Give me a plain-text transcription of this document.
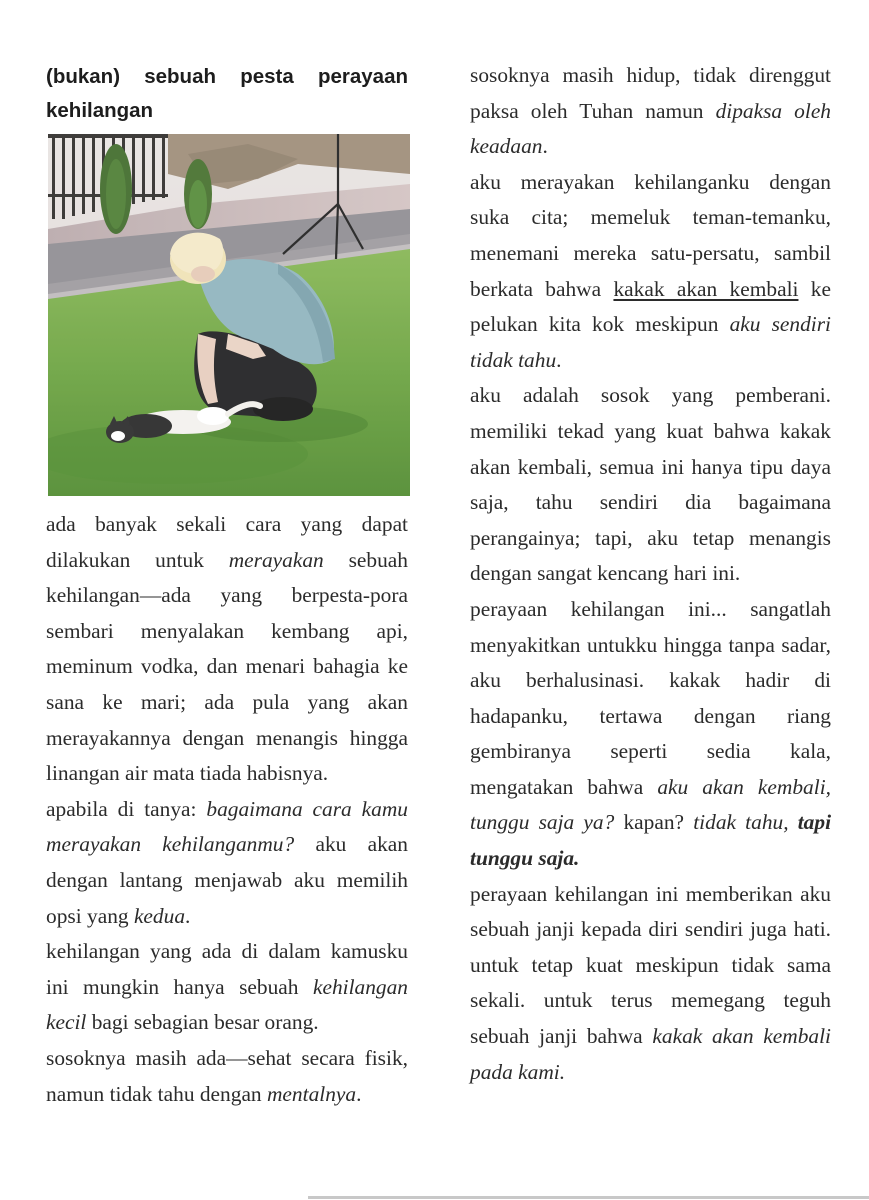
(bukan) sebuah pesta perayaan
kehilangan

ada banyak sekali cara yang dapat dilakukan untuk merayakan sebuah kehilangan—ada yang berpesta-pora sembari menyalakan kembang api, meminum vodka, dan menari bahagia ke sana ke mari; ada pula yang akan merayakannya dengan menangis hingga linangan air mata tiada habisnya.

apabila di tanya: bagaimana cara kamu merayakan kehilanganmu? aku akan dengan lantang menjawab aku memilih opsi yang kedua.

kehilangan yang ada di dalam kamusku ini mungkin hanya sebuah kehilangan kecil bagi sebagian besar orang.

sosoknya masih ada—sehat secara fisik, namun tidak tahu dengan mentalnya.

sosoknya masih hidup, tidak direnggut paksa oleh Tuhan namun dipaksa oleh keadaan.

aku merayakan kehilanganku dengan suka cita; memeluk teman-temanku, menemani mereka satu-persatu, sambil berkata bahwa kakak akan kembali ke pelukan kita kok meskipun aku sendiri tidak tahu.

aku adalah sosok yang pemberani. memiliki tekad yang kuat bahwa kakak akan kembali, semua ini hanya tipu daya saja, tahu sendiri dia bagaimana perangainya; tapi, aku tetap menangis dengan sangat kencang hari ini.

perayaan kehilangan ini... sangatlah menyakitkan untukku hingga tanpa sadar, aku berhalusinasi. kakak hadir di hadapanku, tertawa dengan riang gembiranya seperti sedia kala, mengatakan bahwa aku akan kembali, tunggu saja ya? kapan? tidak tahu, tapi tunggu saja.

perayaan kehilangan ini memberikan aku sebuah janji kepada diri sendiri juga hati. untuk tetap kuat meskipun tidak sama sekali. untuk terus memegang teguh sebuah janji bahwa kakak akan kembali pada kami.
